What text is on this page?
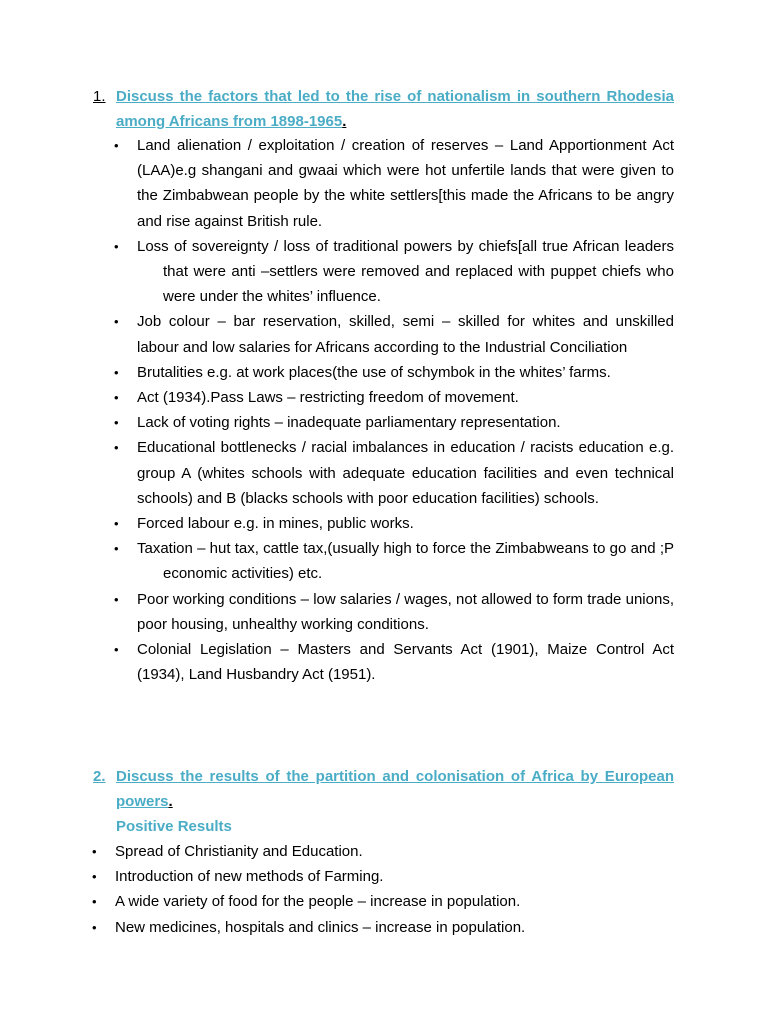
1. Discuss the factors that led to the rise of nationalism in southern Rhodesia among Africans from 1898-1965.
• Land alienation / exploitation / creation of reserves – Land Apportionment Act (LAA)e.g shangani and gwaai which were hot unfertile lands that were given to the Zimbabwean people by the white settlers[this made the Africans to be angry and rise against British rule.
• Loss of sovereignty / loss of traditional powers by chiefs[all true African leaders that were anti –settlers were removed and replaced with puppet chiefs who were under the whites’ influence.
• Job colour – bar reservation, skilled, semi – skilled for whites and unskilled labour and low salaries for Africans according to the Industrial Conciliation
• Brutalities e.g. at work places(the use of schymbok in the whites’ farms.
• Act (1934).Pass Laws – restricting freedom of movement.
• Lack of voting rights – inadequate parliamentary representation.
• Educational bottlenecks / racial imbalances in education / racists education e.g. group A (whites schools with adequate education facilities and even technical schools) and B (blacks schools with poor education facilities) schools.
• Forced labour e.g. in mines, public works.
• Taxation – hut tax, cattle tax,(usually high to force the Zimbabweans to go and ;P economic activities) etc.
• Poor working conditions – low salaries / wages, not allowed to form trade unions, poor housing, unhealthy working conditions.
• Colonial Legislation – Masters and Servants Act (1901), Maize Control Act (1934), Land Husbandry Act (1951).
2. Discuss the results of the partition and colonisation of Africa by European powers.
Positive Results
• Spread of Christianity and Education.
• Introduction of new methods of Farming.
• A wide variety of food for the people – increase in population.
• New medicines, hospitals and clinics – increase in population.
